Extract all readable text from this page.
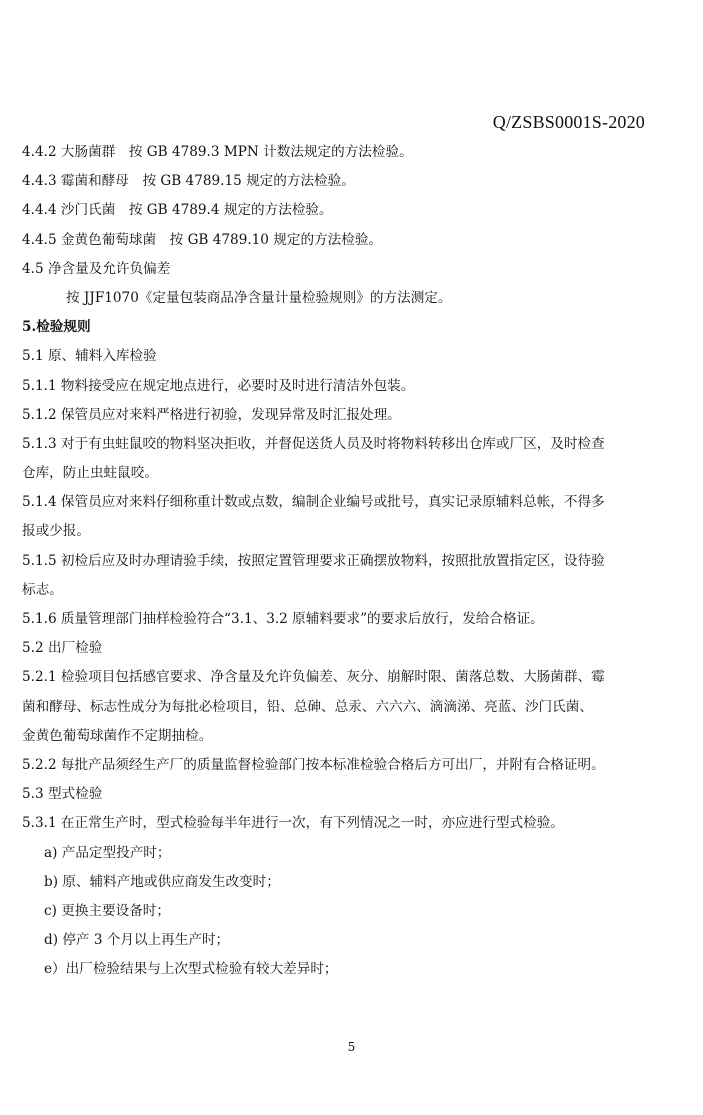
Q/ZSBS0001S-2020
4.4.2 大肠菌群　按 GB 4789.3 MPN 计数法规定的方法检验。
4.4.3 霉菌和酵母　按 GB 4789.15 规定的方法检验。
4.4.4 沙门氏菌　按 GB 4789.4 规定的方法检验。
4.4.5 金黄色葡萄球菌　按 GB 4789.10 规定的方法检验。
4.5 净含量及允许负偏差
按 JJF1070《定量包装商品净含量计量检验规则》的方法测定。
5.检验规则
5.1 原、辅料入库检验
5.1.1 物料接受应在规定地点进行，必要时及时进行清洁外包装。
5.1.2 保管员应对来料严格进行初验，发现异常及时汇报处理。
5.1.3 对于有虫蛀鼠咬的物料坚决拒收，并督促送货人员及时将物料转移出仓库或厂区，及时检查
仓库，防止虫蛀鼠咬。
5.1.4 保管员应对来料仔细称重计数或点数，编制企业编号或批号，真实记录原辅料总帐，不得多
报或少报。
5.1.5 初检后应及时办理请验手续，按照定置管理要求正确摆放物料，按照批放置指定区，设待验
标志。
5.1.6 质量管理部门抽样检验符合“3.1、3.2 原辅料要求”的要求后放行，发给合格证。
5.2 出厂检验
5.2.1 检验项目包括感官要求、净含量及允许负偏差、灰分、崩解时限、菌落总数、大肠菌群、霉
菌和酵母、标志性成分为每批必检项目，铅、总砷、总汞、六六六、滴滴涕、亮蓝、沙门氏菌、
金黄色葡萄球菌作不定期抽检。
5.2.2 每批产品须经生产厂的质量监督检验部门按本标准检验合格后方可出厂，并附有合格证明。
5.3 型式检验
5.3.1 在正常生产时，型式检验每半年进行一次，有下列情况之一时，亦应进行型式检验。
a) 产品定型投产时；
b) 原、辅料产地或供应商发生改变时；
c) 更换主要设备时；
d) 停产 3 个月以上再生产时；
e）出厂检验结果与上次型式检验有较大差异时；
5
